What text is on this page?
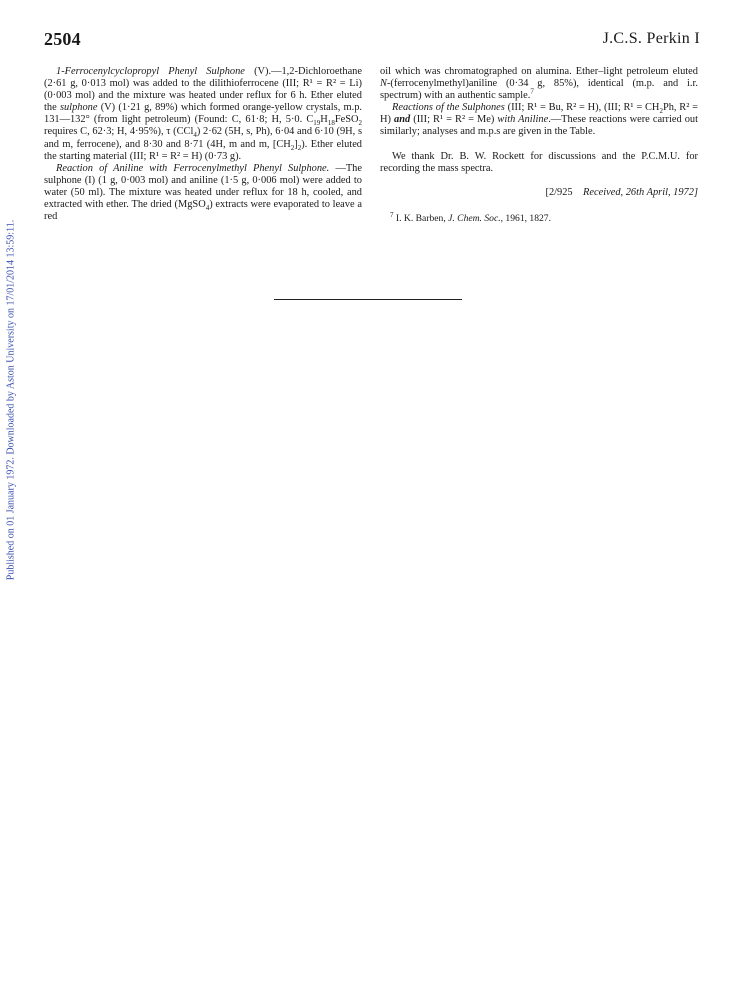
Published on 01 January 1972. Downloaded by Aston University on 17/01/2014 13:59:11.
2504	J.C.S. Perkin I

1-Ferrocenylcyclopropyl Phenyl Sulphone (V).—1,2-Dichloroethane (2·61 g, 0·013 mol) was added to the dilithioferrocene (III; R¹ = R² = Li) (0·003 mol) and the mixture was heated under reflux for 6 h. Ether eluted the sulphone (V) (1·21 g, 89%) which formed orange-yellow crystals, m.p. 131—132° (from light petroleum) (Found: C, 61·8; H, 5·0. $C_{19}H_{18}FeSO_2$ requires C, 62·3; H, 4·95%), τ (CCl$_4$) 2·62 (5H, s, Ph), 6·04 and 6·10 (9H, s and m, ferrocene), and 8·30 and 8·71 (4H, m and m, $[CH_2]_2$). Ether eluted the starting material (III; R¹ = R² = H) (0·73 g).

Reaction of Aniline with Ferrocenylmethyl Phenyl Sulphone. —The sulphone (I) (1 g, 0·003 mol) and aniline (1·5 g, 0·006 mol) were added to water (50 ml). The mixture was heated under reflux for 18 h, cooled, and extracted with ether. The dried (MgSO$_4$) extracts were evaporated to leave a red

oil which was chromatographed on alumina. Ether–light petroleum eluted N-(ferrocenylmethyl)aniline (0·34 g, 85%), identical (m.p. and i.r. spectrum) with an authentic sample.$^7$

Reactions of the Sulphones (III; R¹ = Bu, R² = H), (III; $R^1 = CH_2Ph$, R² = H) and (III; R¹ = R² = Me) with Aniline.—These reactions were carried out similarly; analyses and m.p.s are given in the Table.

We thank Dr. B. W. Rockett for discussions and the P.C.M.U. for recording the mass spectra.

[2/925 Received, 26th April, 1972]

$^7$ I. K. Barben, J. Chem. Soc., 1961, 1827.
